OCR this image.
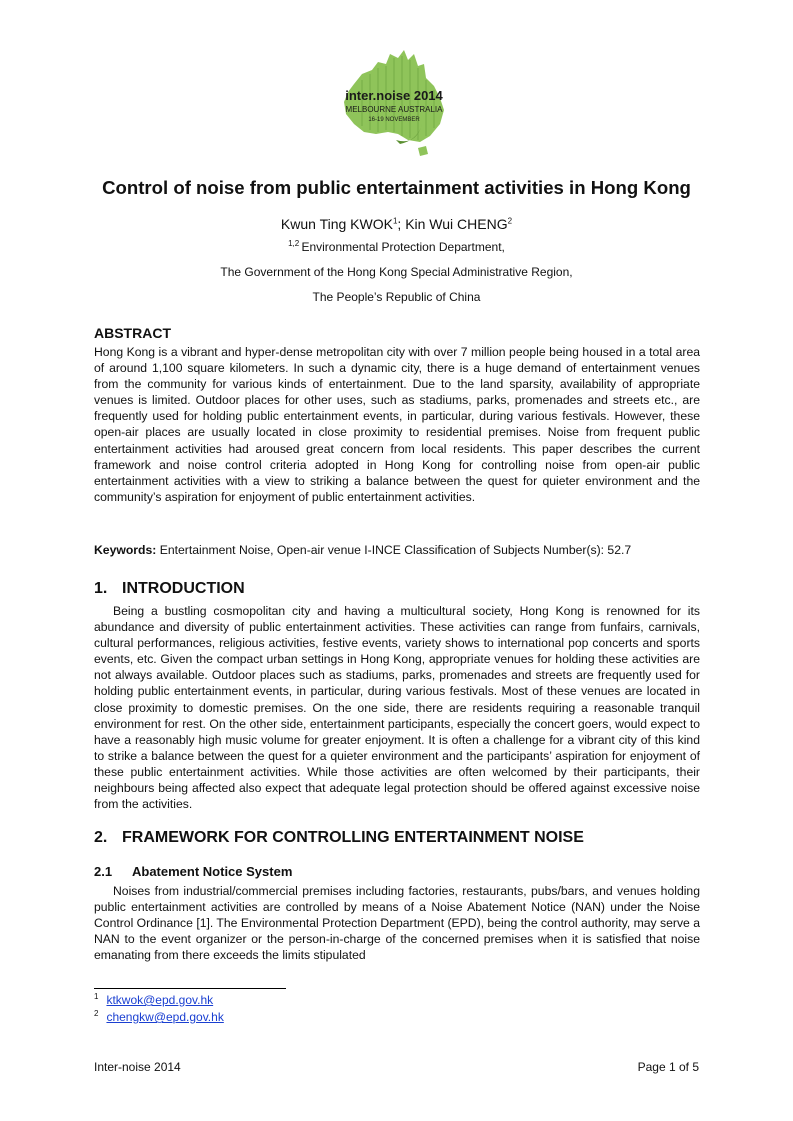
inter.noise 2014
MELBOURNE AUSTRALIA
16-19 NOVEMBER
Control of noise from public entertainment activities in Hong Kong

Kwun Ting KWOK$^1$; Kin Wui CHENG$^2$

$^{1,2}$ Environmental Protection Department,

The Government of the Hong Kong Special Administrative Region,

The People’s Republic of China

ABSTRACT

Hong Kong is a vibrant and hyper-dense metropolitan city with over 7 million people being housed in a total area of around 1,100 square kilometers. In such a dynamic city, there is a huge demand of entertainment venues from the community for various kinds of entertainment. Due to the land sparsity, availability of appropriate venues is limited. Outdoor places for other uses, such as stadiums, parks, promenades and streets etc., are frequently used for holding public entertainment events, in particular, during various festivals. However, these open-air places are usually located in close proximity to residential premises. Noise from frequent public entertainment activities had aroused great concern from local residents. This paper describes the current framework and noise control criteria adopted in Hong Kong for controlling noise from open-air public entertainment activities with a view to striking a balance between the quest for quieter environment and the community’s aspiration for enjoyment of public entertainment activities.

Keywords: Entertainment Noise, Open-air venue I-INCE Classification of Subjects Number(s): 52.7

1. INTRODUCTION

Being a bustling cosmopolitan city and having a multicultural society, Hong Kong is renowned for its abundance and diversity of public entertainment activities. These activities can range from funfairs, carnivals, cultural performances, religious activities, festive events, variety shows to international pop concerts and sports events, etc. Given the compact urban settings in Hong Kong, appropriate venues for holding these activities are not always available. Outdoor places such as stadiums, parks, promenades and streets are frequently used for holding public entertainment events, in particular, during various festivals. Most of these venues are located in close proximity to domestic premises. On the one side, there are residents requiring a reasonable tranquil environment for rest. On the other side, entertainment participants, especially the concert goers, would expect to have a reasonably high music volume for greater enjoyment. It is often a challenge for a vibrant city of this kind to strike a balance between the quest for a quieter environment and the participants’ aspiration for enjoyment of these public entertainment activities. While those activities are often welcomed by their participants, their neighbours being affected also expect that adequate legal protection should be offered against excessive noise from the activities.

2. FRAMEWORK FOR CONTROLLING ENTERTAINMENT NOISE
2.1 Abatement Notice System

Noises from industrial/commercial premises including factories, restaurants, pubs/bars, and venues holding public entertainment activities are controlled by means of a Noise Abatement Notice (NAN) under the Noise Control Ordinance [1]. The Environmental Protection Department (EPD), being the control authority, may serve a NAN to the event organizer or the person-in-charge of the concerned premises when it is satisfied that noise emanating from there exceeds the limits stipulated

$^1$ ktkwok@epd.gov.hk

$^2$ chengkw@epd.gov.hk

Inter-noise 2014	Page 1 of 5
